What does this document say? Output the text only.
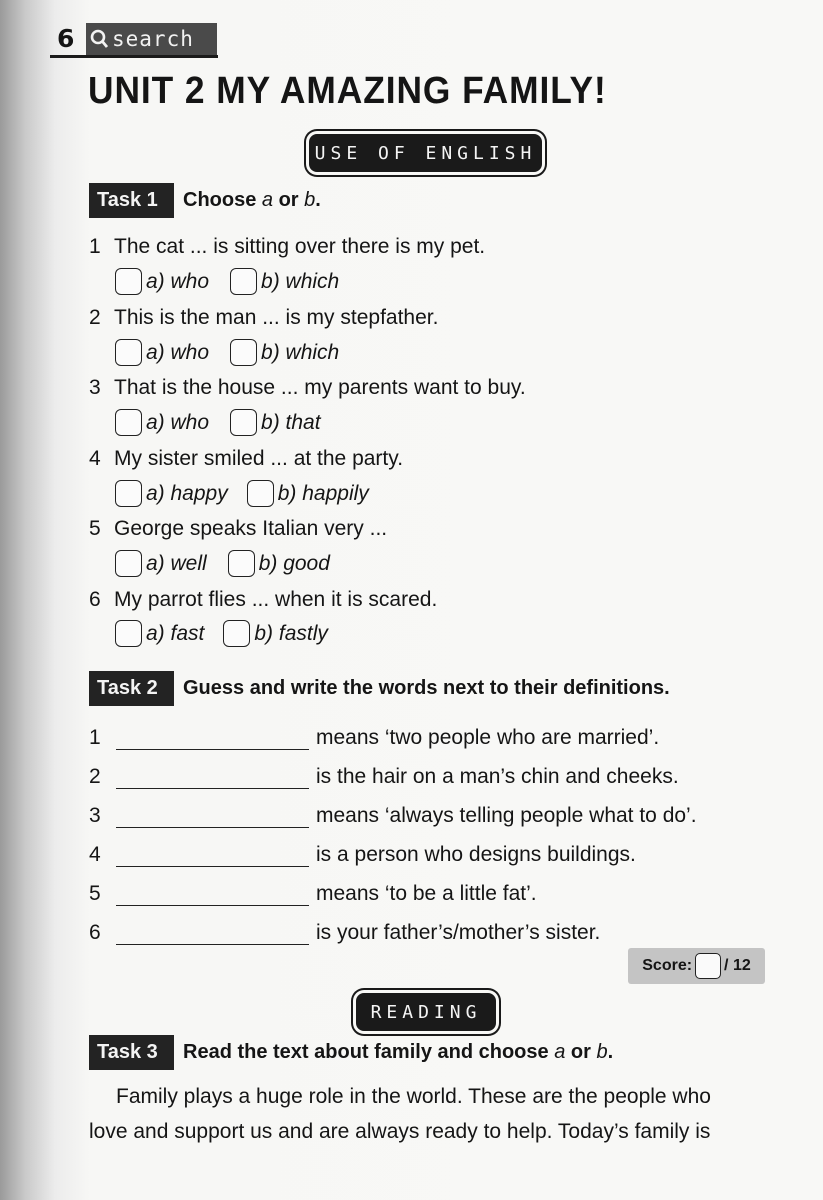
6 search
UNIT 2 MY AMAZING FAMILY!
USE OF ENGLISH
Task 1	Choose a or b.
1 The cat ... is sitting over there is my pet.
a) who b) which
2 This is the man ... is my stepfather.
a) who b) which
3 That is the house ... my parents want to buy.
a) who b) that
4 My sister smiled ... at the party.
a) happy b) happily
5 George speaks Italian very ...
a) well b) good
6 My parrot flies ... when it is scared.
a) fast b) fastly
Task 2	Guess and write the words next to their definitions.
1	means ‘two people who are married’.
2	is the hair on a man’s chin and cheeks.
3	means ‘always telling people what to do’.
4	is a person who designs buildings.
5	means ‘to be a little fat’.
6	is your father’s/mother’s sister.
Score: / 12
READING
Task 3	Read the text about family and choose a or b.
Family plays a huge role in the world. These are the people who
love and support us and are always ready to help. Today’s family is
